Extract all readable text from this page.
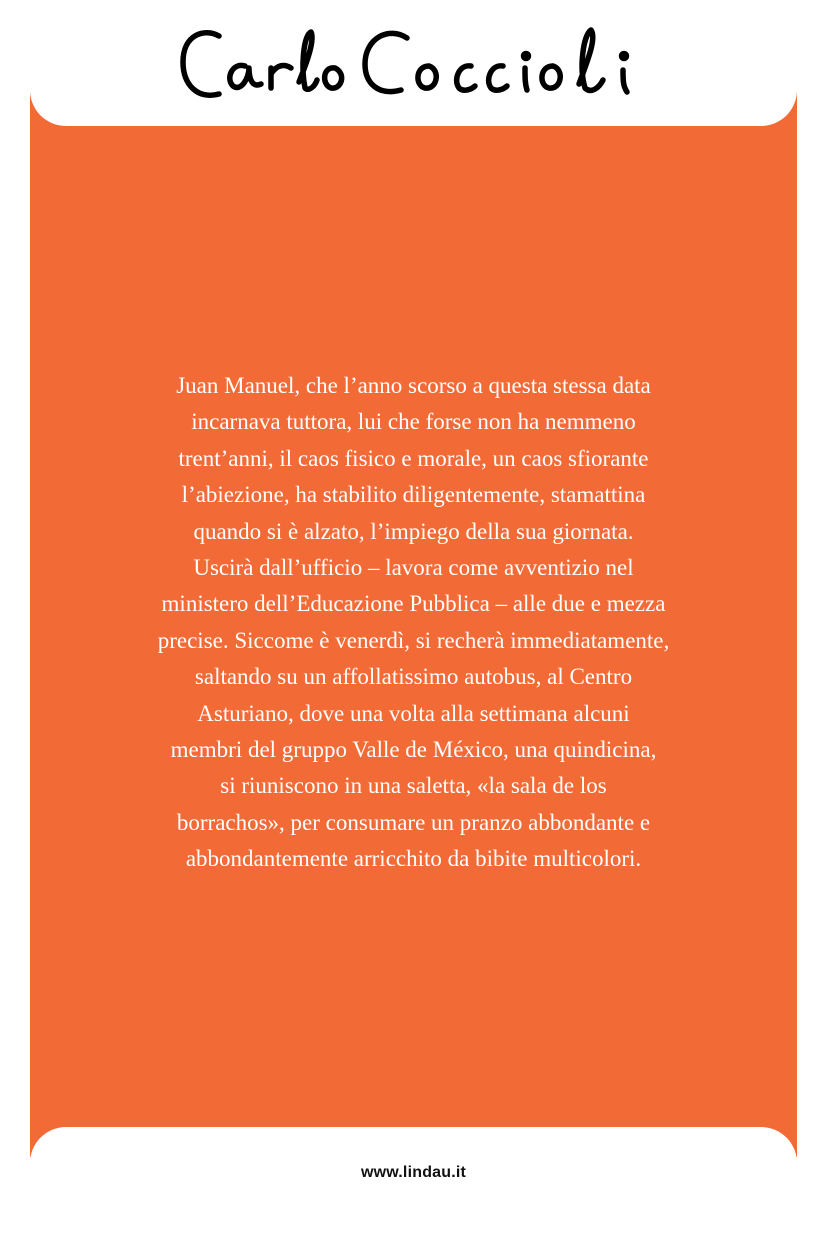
Juan Manuel, che l’anno scorso a questa stessa data
incarnava tuttora, lui che forse non ha nemmeno
trent’anni, il caos fisico e morale, un caos sfiorante
l’abiezione, ha stabilito diligentemente, stamattina
quando si è alzato, l’impiego della sua giornata.
Uscirà dall’ufficio – lavora come avventizio nel
ministero dell’Educazione Pubblica – alle due e mezza
precise. Siccome è venerdì, si recherà immediatamente,
saltando su un affollatissimo autobus, al Centro
Asturiano, dove una volta alla settimana alcuni
membri del gruppo Valle de México, una quindicina,
si riuniscono in una saletta, «la sala de los
borrachos», per consumare un pranzo abbondante e
abbondantemente arricchito da bibite multicolori.
www.lindau.it
